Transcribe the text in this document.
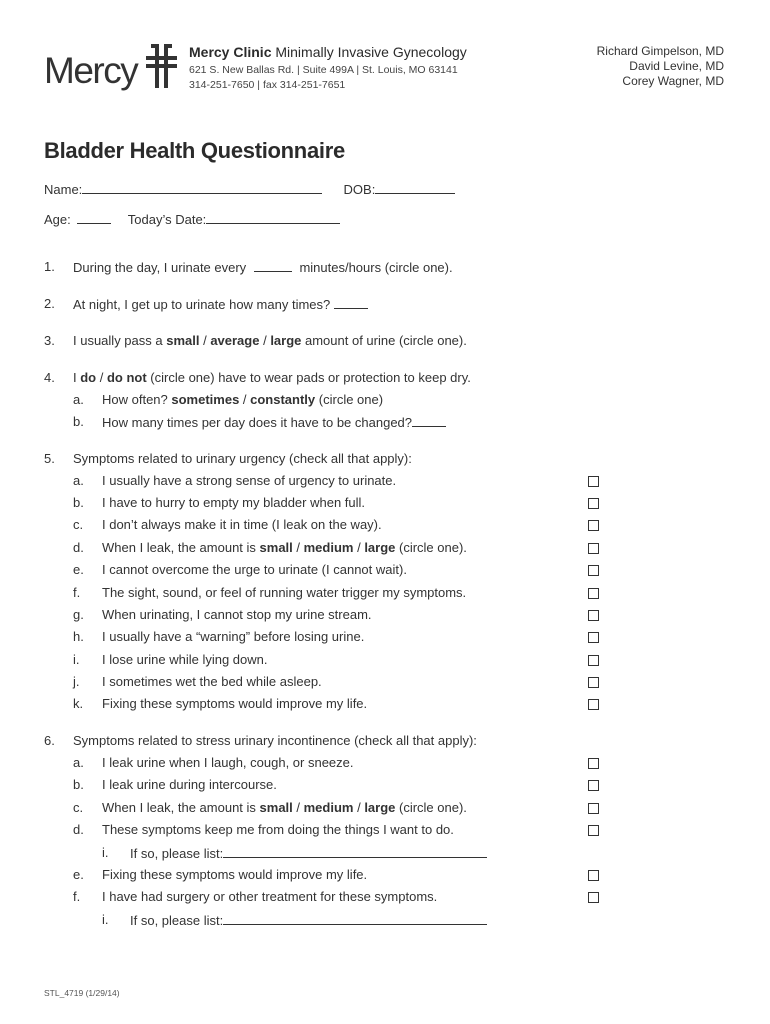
Mercy	Mercy Clinic Minimally Invasive Gynecology
621 S. New Ballas Rd. | Suite 499A | St. Louis, MO 63141
314-251-7650 | fax 314-251-7651
Richard Gimpelson, MD
David Levine, MD
Corey Wagner, MD
Bladder Health Questionnaire
Name:	DOB:
Age:	Today’s Date:
1.	During the day, I urinate every	minutes/hours (circle one).
2.	At night, I get up to urinate how many times?
3.	I usually pass a small / average / large amount of urine (circle one).
4.	I do / do not (circle one) have to wear pads or protection to keep dry.
a.	How often? sometimes / constantly (circle one)
b.	How many times per day does it have to be changed?
5.	Symptoms related to urinary urgency (check all that apply):
a.	I usually have a strong sense of urgency to urinate.
b.	I have to hurry to empty my bladder when full.
c.	I don’t always make it in time (I leak on the way).
d.	When I leak, the amount is small / medium / large (circle one).
e.	I cannot overcome the urge to urinate (I cannot wait).
f.	The sight, sound, or feel of running water trigger my symptoms.
g.	When urinating, I cannot stop my urine stream.
h.	I usually have a “warning” before losing urine.
i.	I lose urine while lying down.
j.	I sometimes wet the bed while asleep.
k.	Fixing these symptoms would improve my life.
6.	Symptoms related to stress urinary incontinence (check all that apply):
a.	I leak urine when I laugh, cough, or sneeze.
b.	I leak urine during intercourse.
c.	When I leak, the amount is small / medium / large (circle one).
d.	These symptoms keep me from doing the things I want to do.
i. If so, please list:
e.	Fixing these symptoms would improve my life.
f.	I have had surgery or other treatment for these symptoms.
i. If so, please list:
STL_4719 (1/29/14)
